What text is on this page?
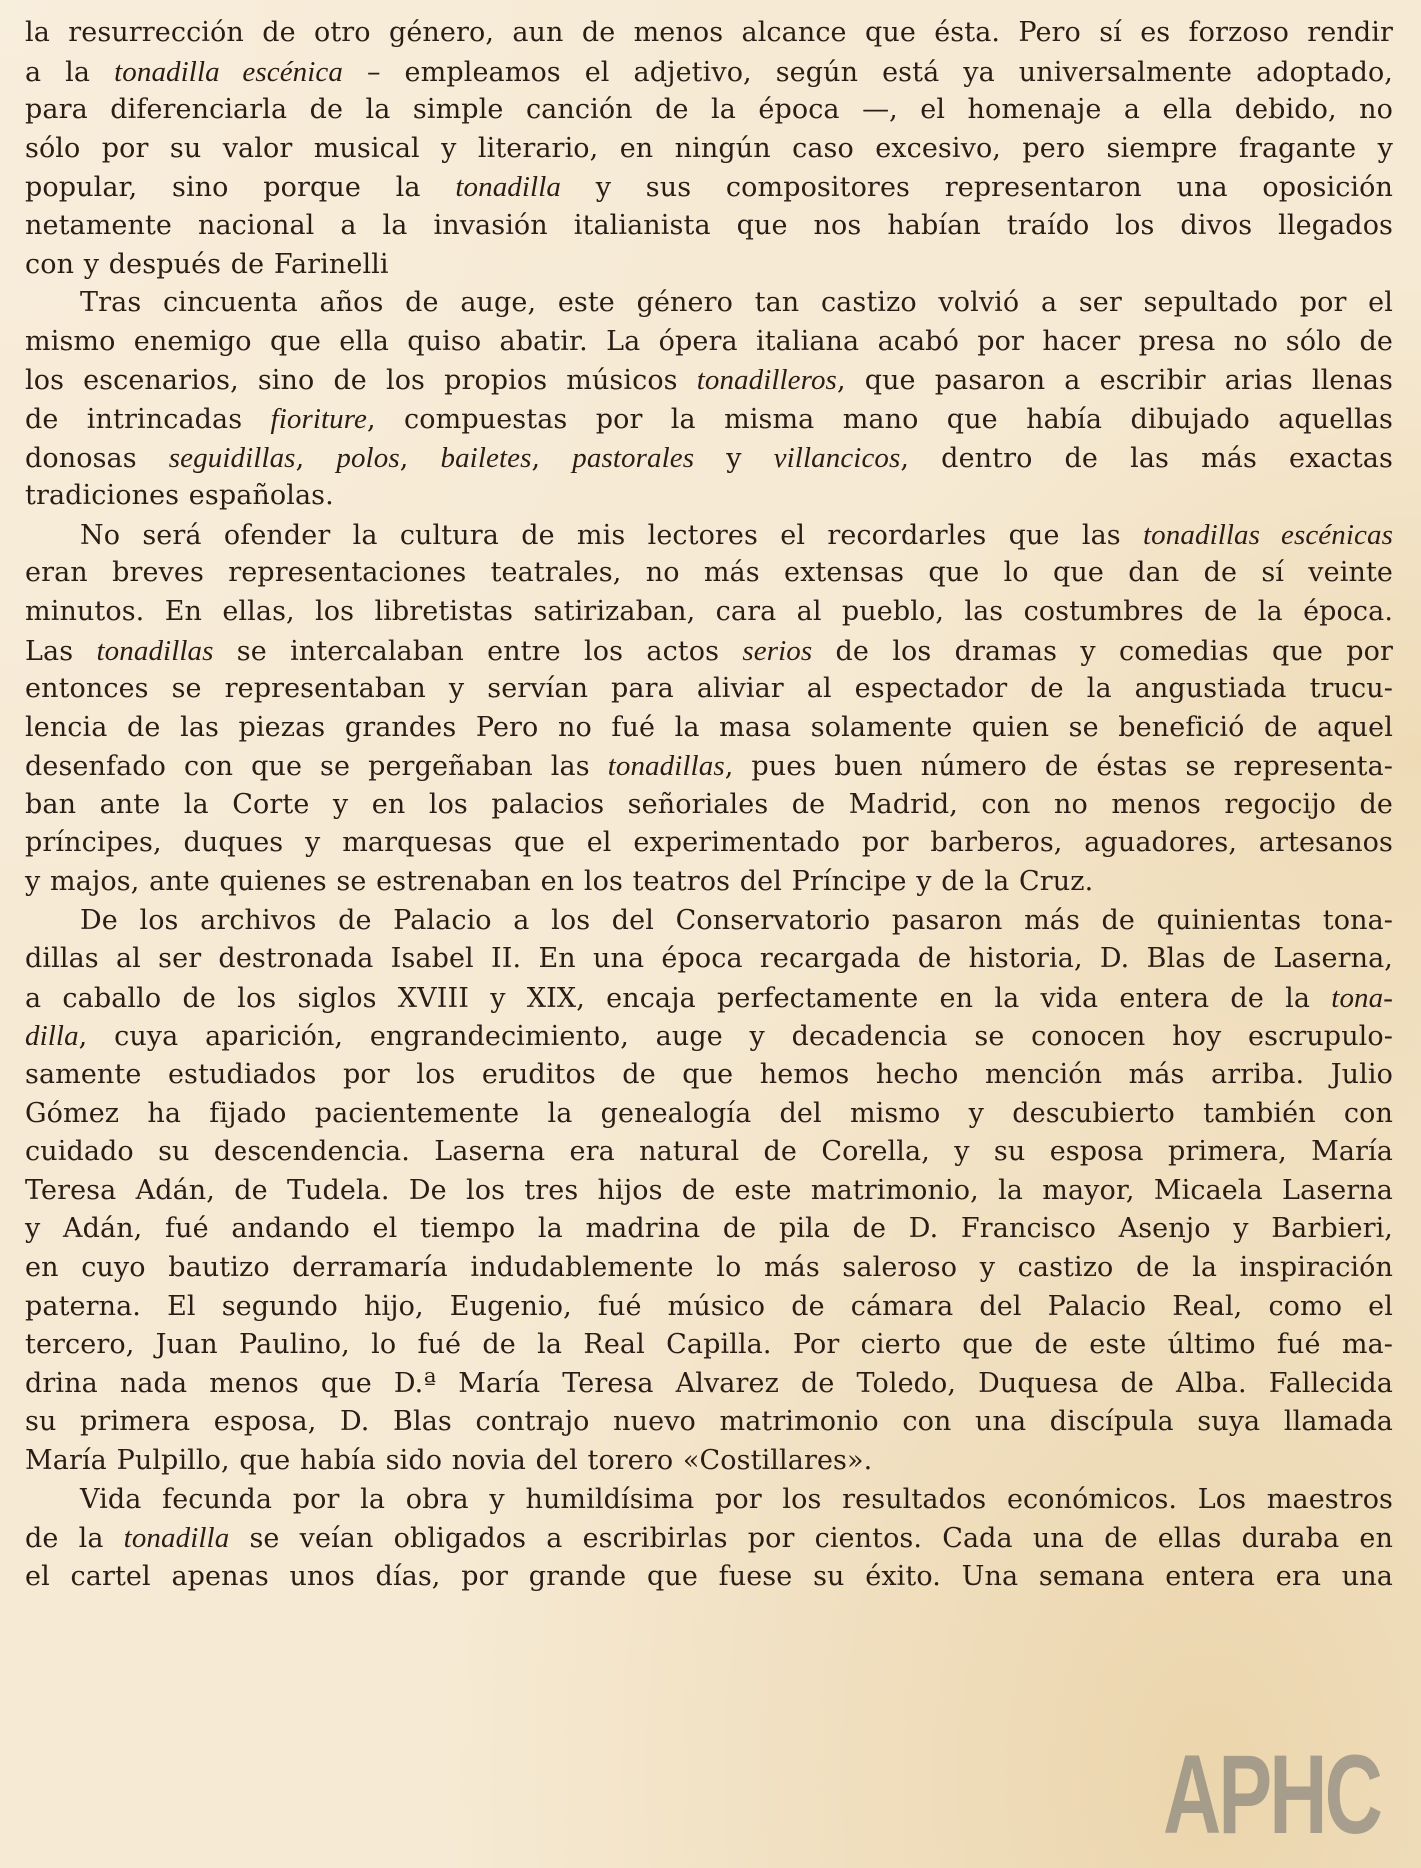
la resurrección de otro género, aun de menos alcance que ésta. Pero sí es forzoso rendir
a la tonadilla escénica – empleamos el adjetivo, según está ya universalmente adoptado,
para diferenciarla de la simple canción de la época —, el homenaje a ella debido, no
sólo por su valor musical y literario, en ningún caso excesivo, pero siempre fragante y
popular, sino porque la tonadilla y sus compositores representaron una oposición
netamente nacional a la invasión italianista que nos habían traído los divos llegados
con y después de Farinelli
Tras cincuenta años de auge, este género tan castizo volvió a ser sepultado por el
mismo enemigo que ella quiso abatir. La ópera italiana acabó por hacer presa no sólo de
los escenarios, sino de los propios músicos tonadilleros, que pasaron a escribir arias llenas
de intrincadas fioriture, compuestas por la misma mano que había dibujado aquellas
donosas seguidillas, polos, bailetes, pastorales y villancicos, dentro de las más exactas
tradiciones españolas.
No será ofender la cultura de mis lectores el recordarles que las tonadillas escénicas
eran breves representaciones teatrales, no más extensas que lo que dan de sí veinte
minutos. En ellas, los libretistas satirizaban, cara al pueblo, las costumbres de la época.
Las tonadillas se intercalaban entre los actos serios de los dramas y comedias que por
entonces se representaban y servían para aliviar al espectador de la angustiada trucu-
lencia de las piezas grandes Pero no fué la masa solamente quien se benefició de aquel
desenfado con que se pergeñaban las tonadillas, pues buen número de éstas se representa-
ban ante la Corte y en los palacios señoriales de Madrid, con no menos regocijo de
príncipes, duques y marquesas que el experimentado por barberos, aguadores, artesanos
y majos, ante quienes se estrenaban en los teatros del Príncipe y de la Cruz.
De los archivos de Palacio a los del Conservatorio pasaron más de quinientas tona-
dillas al ser destronada Isabel II. En una época recargada de historia, D. Blas de Laserna,
a caballo de los siglos XVIII y XIX, encaja perfectamente en la vida entera de la tona-
dilla, cuya aparición, engrandecimiento, auge y decadencia se conocen hoy escrupulo-
samente estudiados por los eruditos de que hemos hecho mención más arriba. Julio
Gómez ha fijado pacientemente la genealogía del mismo y descubierto también con
cuidado su descendencia. Laserna era natural de Corella, y su esposa primera, María
Teresa Adán, de Tudela. De los tres hijos de este matrimonio, la mayor, Micaela Laserna
y Adán, fué andando el tiempo la madrina de pila de D. Francisco Asenjo y Barbieri,
en cuyo bautizo derramaría indudablemente lo más saleroso y castizo de la inspiración
paterna. El segundo hijo, Eugenio, fué músico de cámara del Palacio Real, como el
tercero, Juan Paulino, lo fué de la Real Capilla. Por cierto que de este último fué ma-
drina nada menos que D.ª María Teresa Alvarez de Toledo, Duquesa de Alba. Fallecida
su primera esposa, D. Blas contrajo nuevo matrimonio con una discípula suya llamada
María Pulpillo, que había sido novia del torero «Costillares».
Vida fecunda por la obra y humildísima por los resultados económicos. Los maestros
de la tonadilla se veían obligados a escribirlas por cientos. Cada una de ellas duraba en
el cartel apenas unos días, por grande que fuese su éxito. Una semana entera era una
APHC
